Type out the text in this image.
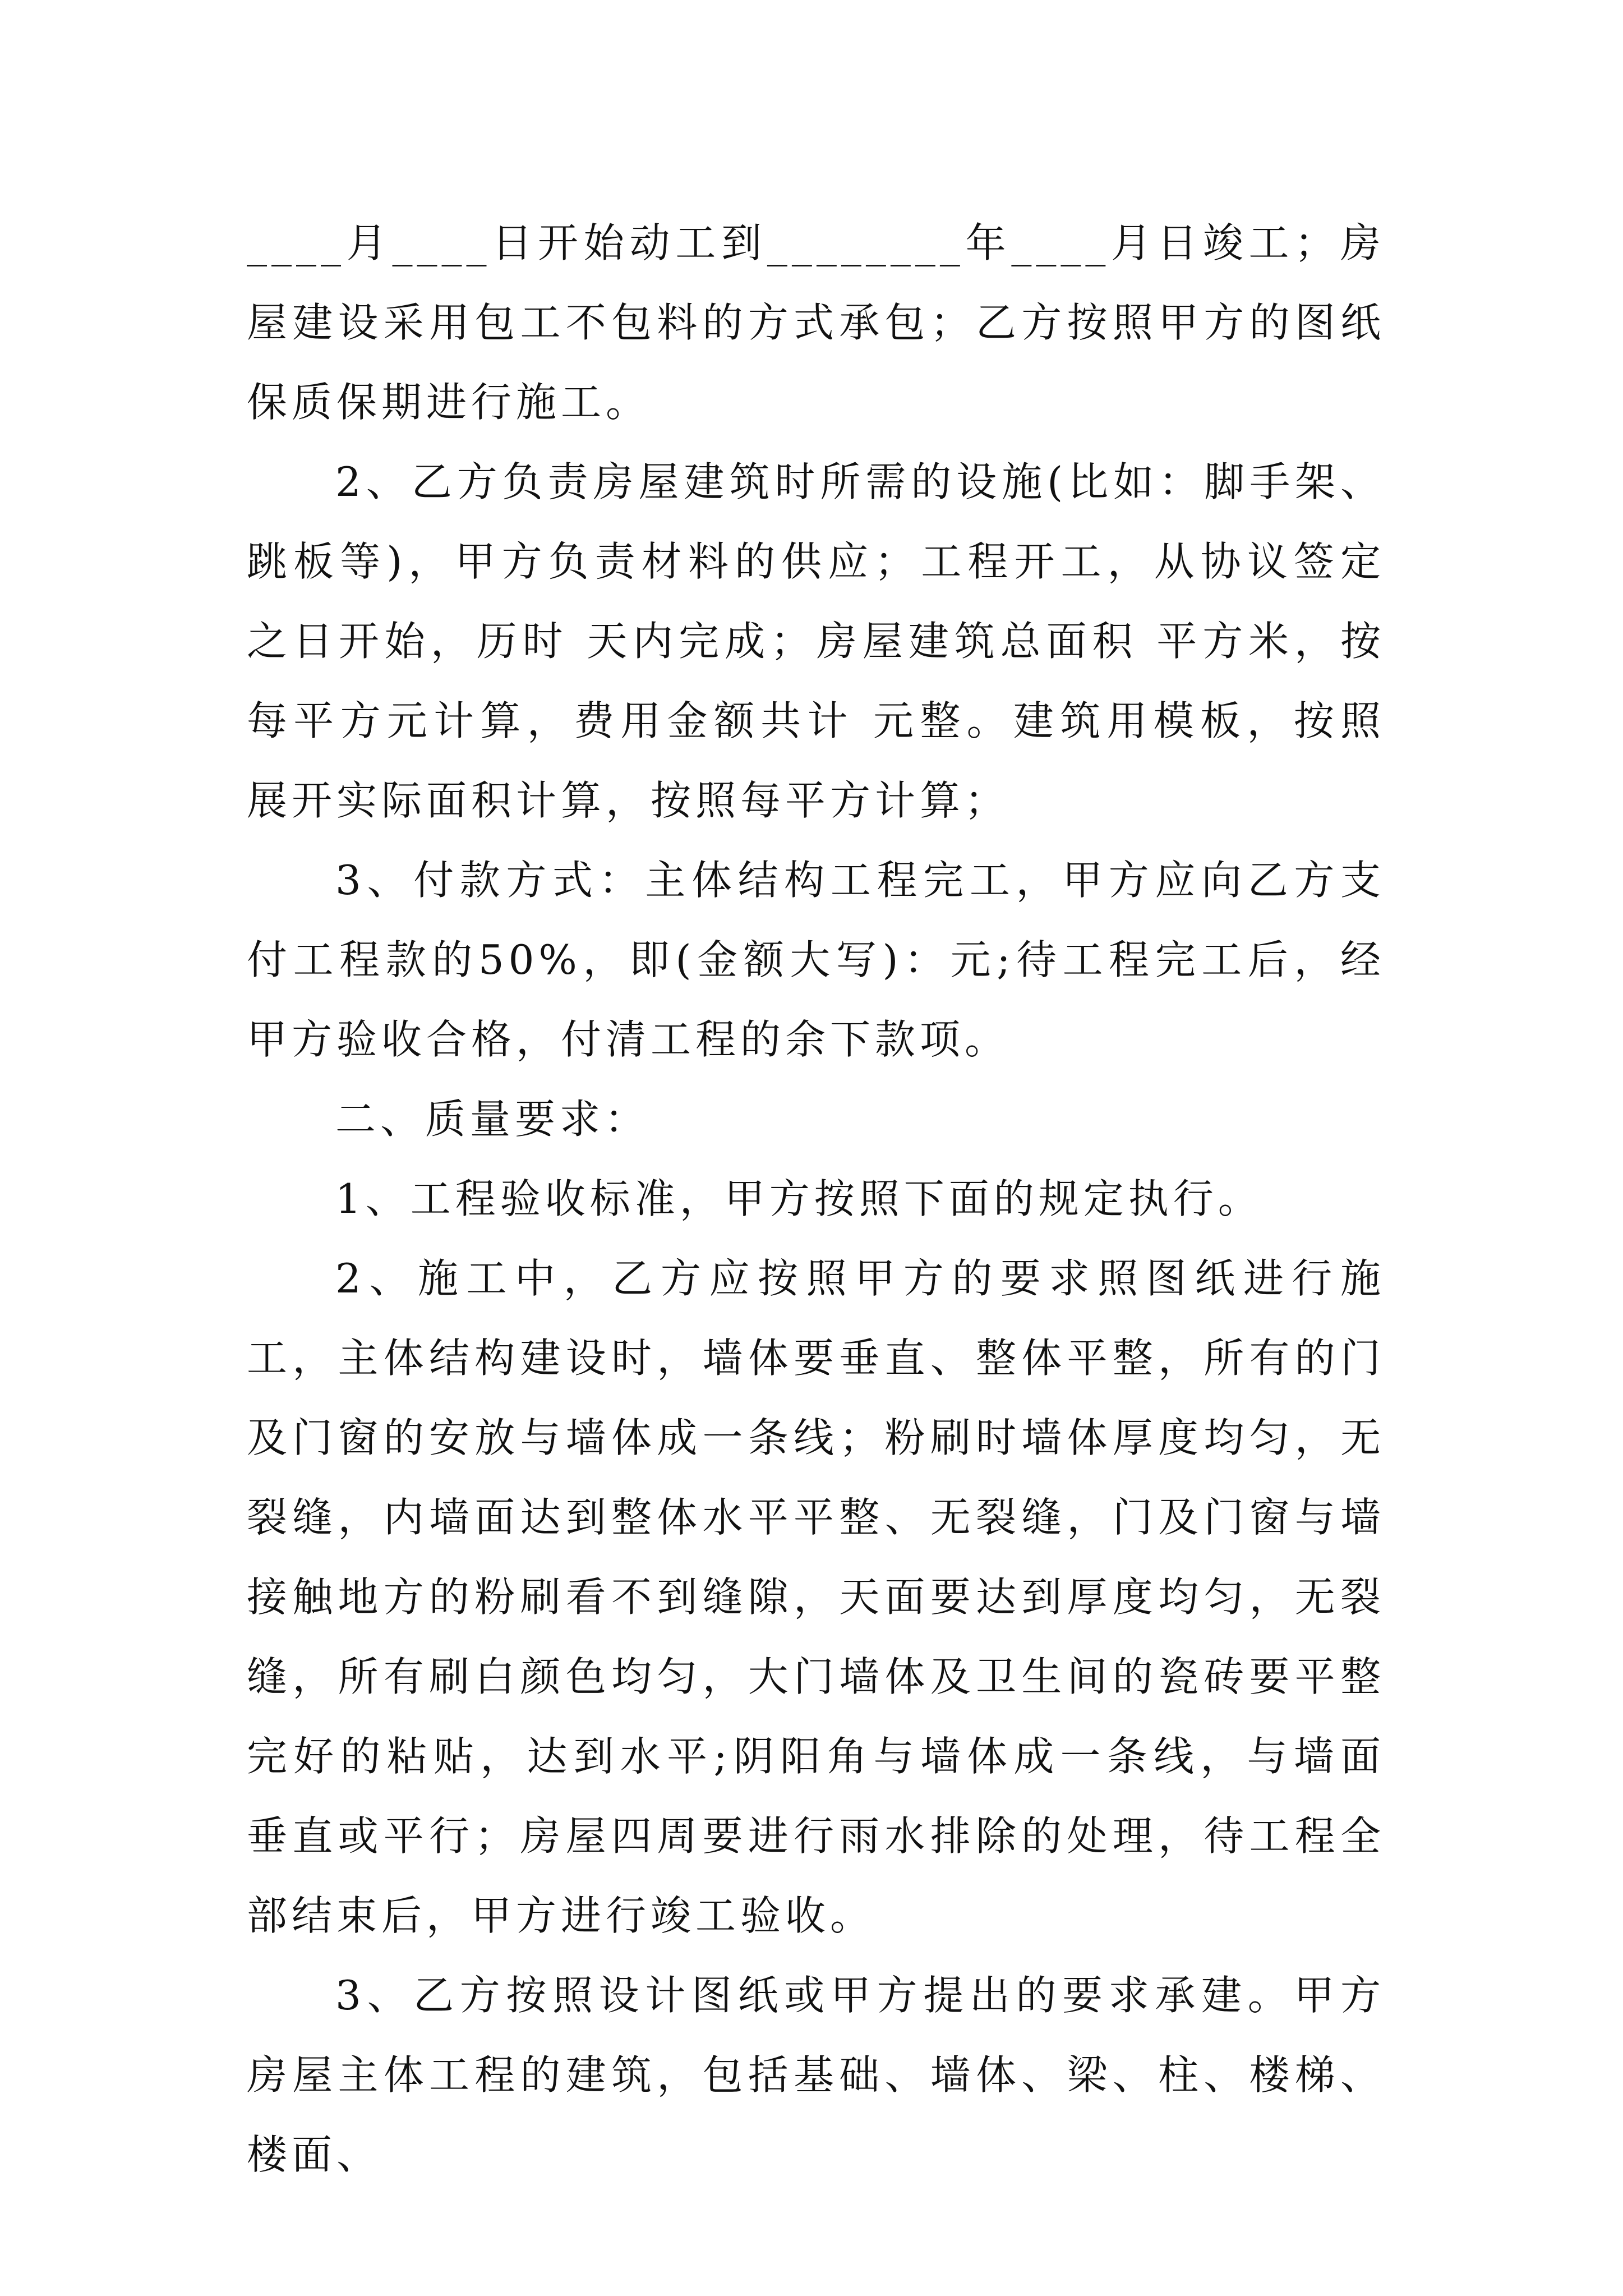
____月____日开始动工到________年____月日竣工；房屋建设采用包工不包料的方式承包；乙方按照甲方的图纸保质保期进行施工。

2、乙方负责房屋建筑时所需的设施(比如：脚手架、跳板等)，甲方负责材料的供应；工程开工，从协议签定之日开始，历时 天内完成；房屋建筑总面积 平方米，按每平方元计算，费用金额共计 元整。建筑用模板，按照展开实际面积计算，按照每平方计算；

3、付款方式：主体结构工程完工，甲方应向乙方支付工程款的50%，即(金额大写)：元;待工程完工后，经甲方验收合格，付清工程的余下款项。

二、质量要求：

1、工程验收标准，甲方按照下面的规定执行。

2、施工中，乙方应按照甲方的要求照图纸进行施工，主体结构建设时，墙体要垂直、整体平整，所有的门及门窗的安放与墙体成一条线；粉刷时墙体厚度均匀，无裂缝，内墙面达到整体水平平整、无裂缝，门及门窗与墙接触地方的粉刷看不到缝隙，天面要达到厚度均匀，无裂缝，所有刷白颜色均匀，大门墙体及卫生间的瓷砖要平整完好的粘贴，达到水平;阴阳角与墙体成一条线，与墙面垂直或平行；房屋四周要进行雨水排除的处理，待工程全部结束后，甲方进行竣工验收。

3、乙方按照设计图纸或甲方提出的要求承建。甲方房屋主体工程的建筑，包括基础、墙体、梁、柱、楼梯、楼面、
